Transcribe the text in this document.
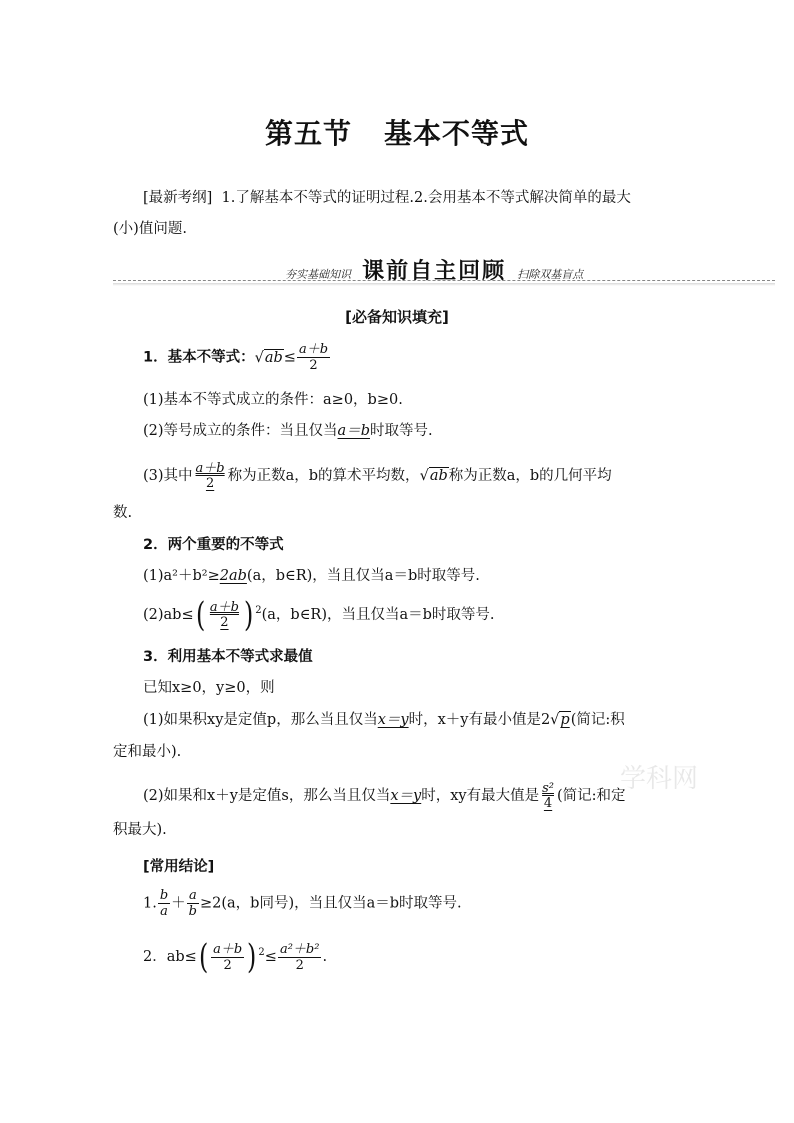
第五节 基本不等式
[最新考纲] 1.了解基本不等式的证明过程.2.会用基本不等式解决简单的最大
(小)值问题.
夯实基础知识 课前自主回顾 扫除双基盲点
[必备知识填充]
1．基本不等式：$√ab\le \frac{a+b}{2}$
(1)基本不等式成立的条件：a≥0，b≥0.
(2)等号成立的条件：当且仅当a＝b时取等号.
(3)其中 $\frac{a+b}{2}$ 称为正数a，b的算术平均数，√ab称为正数a，b的几何平均
数.
2．两个重要的不等式
(1)a²＋b²≥2ab(a，b∈R)，当且仅当a＝b时取等号.
$(2)ab\le( \frac{a+b}{2}$ ) $^2$(a，b∈R)，当且仅当a＝b时取等号.
3．利用基本不等式求最值
已知x≥0，y≥0，则
(1)如果积xy是定值p，那么当且仅当x＝y时，x＋y有最小值是2√p(简记:积
定和最小).
(2)如果和x＋y是定值s，那么当且仅当x＝y时，xy有最大值是 $\frac{\text{s²}}{4}$ (简记:和定
积最大).
[常用结论]
1. $\frac{b}{a} + \frac{a}{b} \ge 2(a$，b同号)，当且仅当a＝b时取等号.
2．$ab\le( \frac{a+b}{2}$ ) $^2\le \frac{\text{a²＋b²}}{2}$ .
学科网
